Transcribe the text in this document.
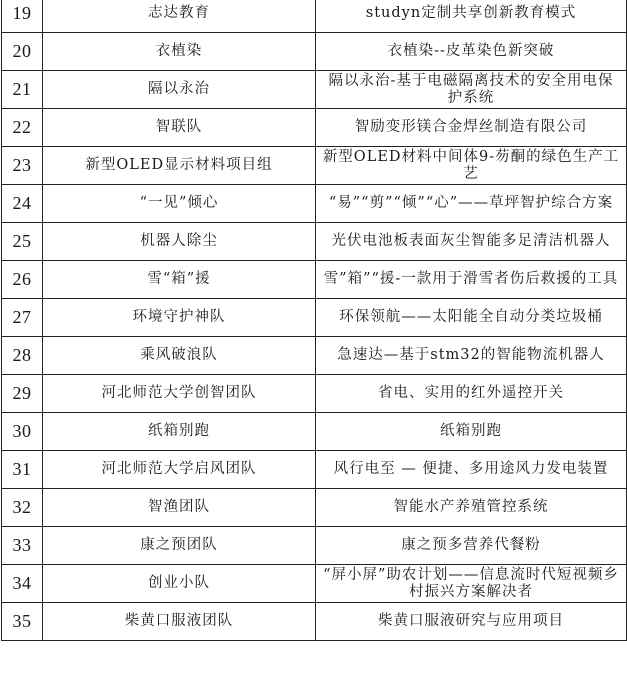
19	志达教育	studyn定制共享创新教育模式
20	衣植染	衣植染--皮革染色新突破
21	隔以永治	隔以永治-基于电磁隔离技术的安全用电保护系统
22	智联队	智励变形镁合金焊丝制造有限公司
23	新型OLED显示材料项目组	新型OLED材料中间体9-芴酮的绿色生产工艺
24	“一见”倾心	“易”“剪”“倾”“心”——草坪智护综合方案
25	机器人除尘	光伏电池板表面灰尘智能多足清洁机器人
26	雪“箱”援	雪”箱”“援-一款用于滑雪者伤后救援的工具
27	环境守护神队	环保领航——太阳能全自动分类垃圾桶
28	乘风破浪队	急速达—基于stm32的智能物流机器人
29	河北师范大学创智团队	省电、实用的红外遥控开关
30	纸箱别跑	纸箱别跑
31	河北师范大学启风团队	风行电至 — 便捷、多用途风力发电装置
32	智渔团队	智能水产养殖管控系统
33	康之预团队	康之预多营养代餐粉
34	创业小队	“屏小屏”助农计划——信息流时代短视频乡村振兴方案解决者
35	柴黄口服液团队	柴黄口服液研究与应用项目
